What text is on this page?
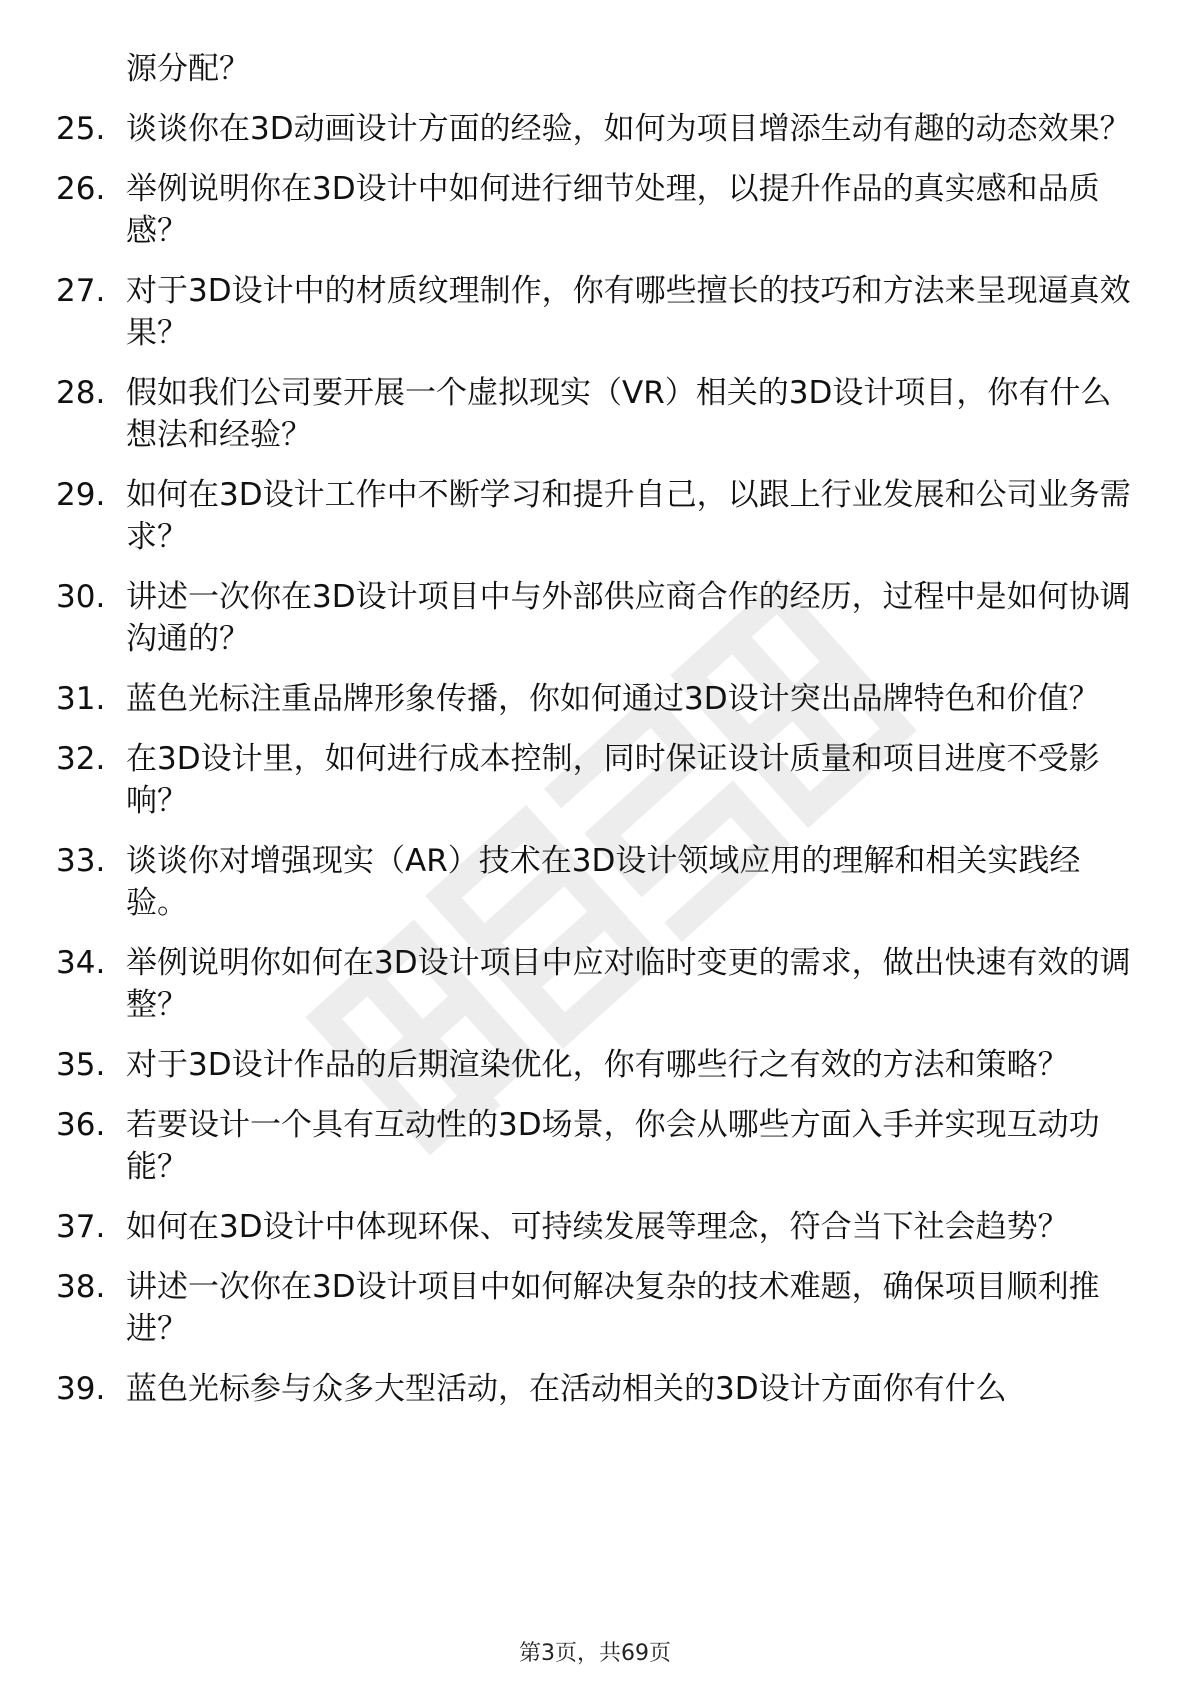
源分配？
25. 谈谈你在3D动画设计方面的经验，如何为项目增添生动有趣的动态效果？
26. 举例说明你在3D设计中如何进行细节处理，以提升作品的真实感和品质感？
27. 对于3D设计中的材质纹理制作，你有哪些擅长的技巧和方法来呈现逼真效果？
28. 假如我们公司要开展一个虚拟现实（VR）相关的3D设计项目，你有什么想法和经验？
29. 如何在3D设计工作中不断学习和提升自己，以跟上行业发展和公司业务需求？
30. 讲述一次你在3D设计项目中与外部供应商合作的经历，过程中是如何协调沟通的？
31. 蓝色光标注重品牌形象传播，你如何通过3D设计突出品牌特色和价值？
32. 在3D设计里，如何进行成本控制，同时保证设计质量和项目进度不受影响？
33. 谈谈你对增强现实（AR）技术在3D设计领域应用的理解和相关实践经验。
34. 举例说明你如何在3D设计项目中应对临时变更的需求，做出快速有效的调整？
35. 对于3D设计作品的后期渲染优化，你有哪些行之有效的方法和策略？
36. 若要设计一个具有互动性的3D场景，你会从哪些方面入手并实现互动功能？
37. 如何在3D设计中体现环保、可持续发展等理念，符合当下社会趋势？
38. 讲述一次你在3D设计项目中如何解决复杂的技术难题，确保项目顺利推进？
39. 蓝色光标参与众多大型活动，在活动相关的3D设计方面你有什么
第3页，共69页
